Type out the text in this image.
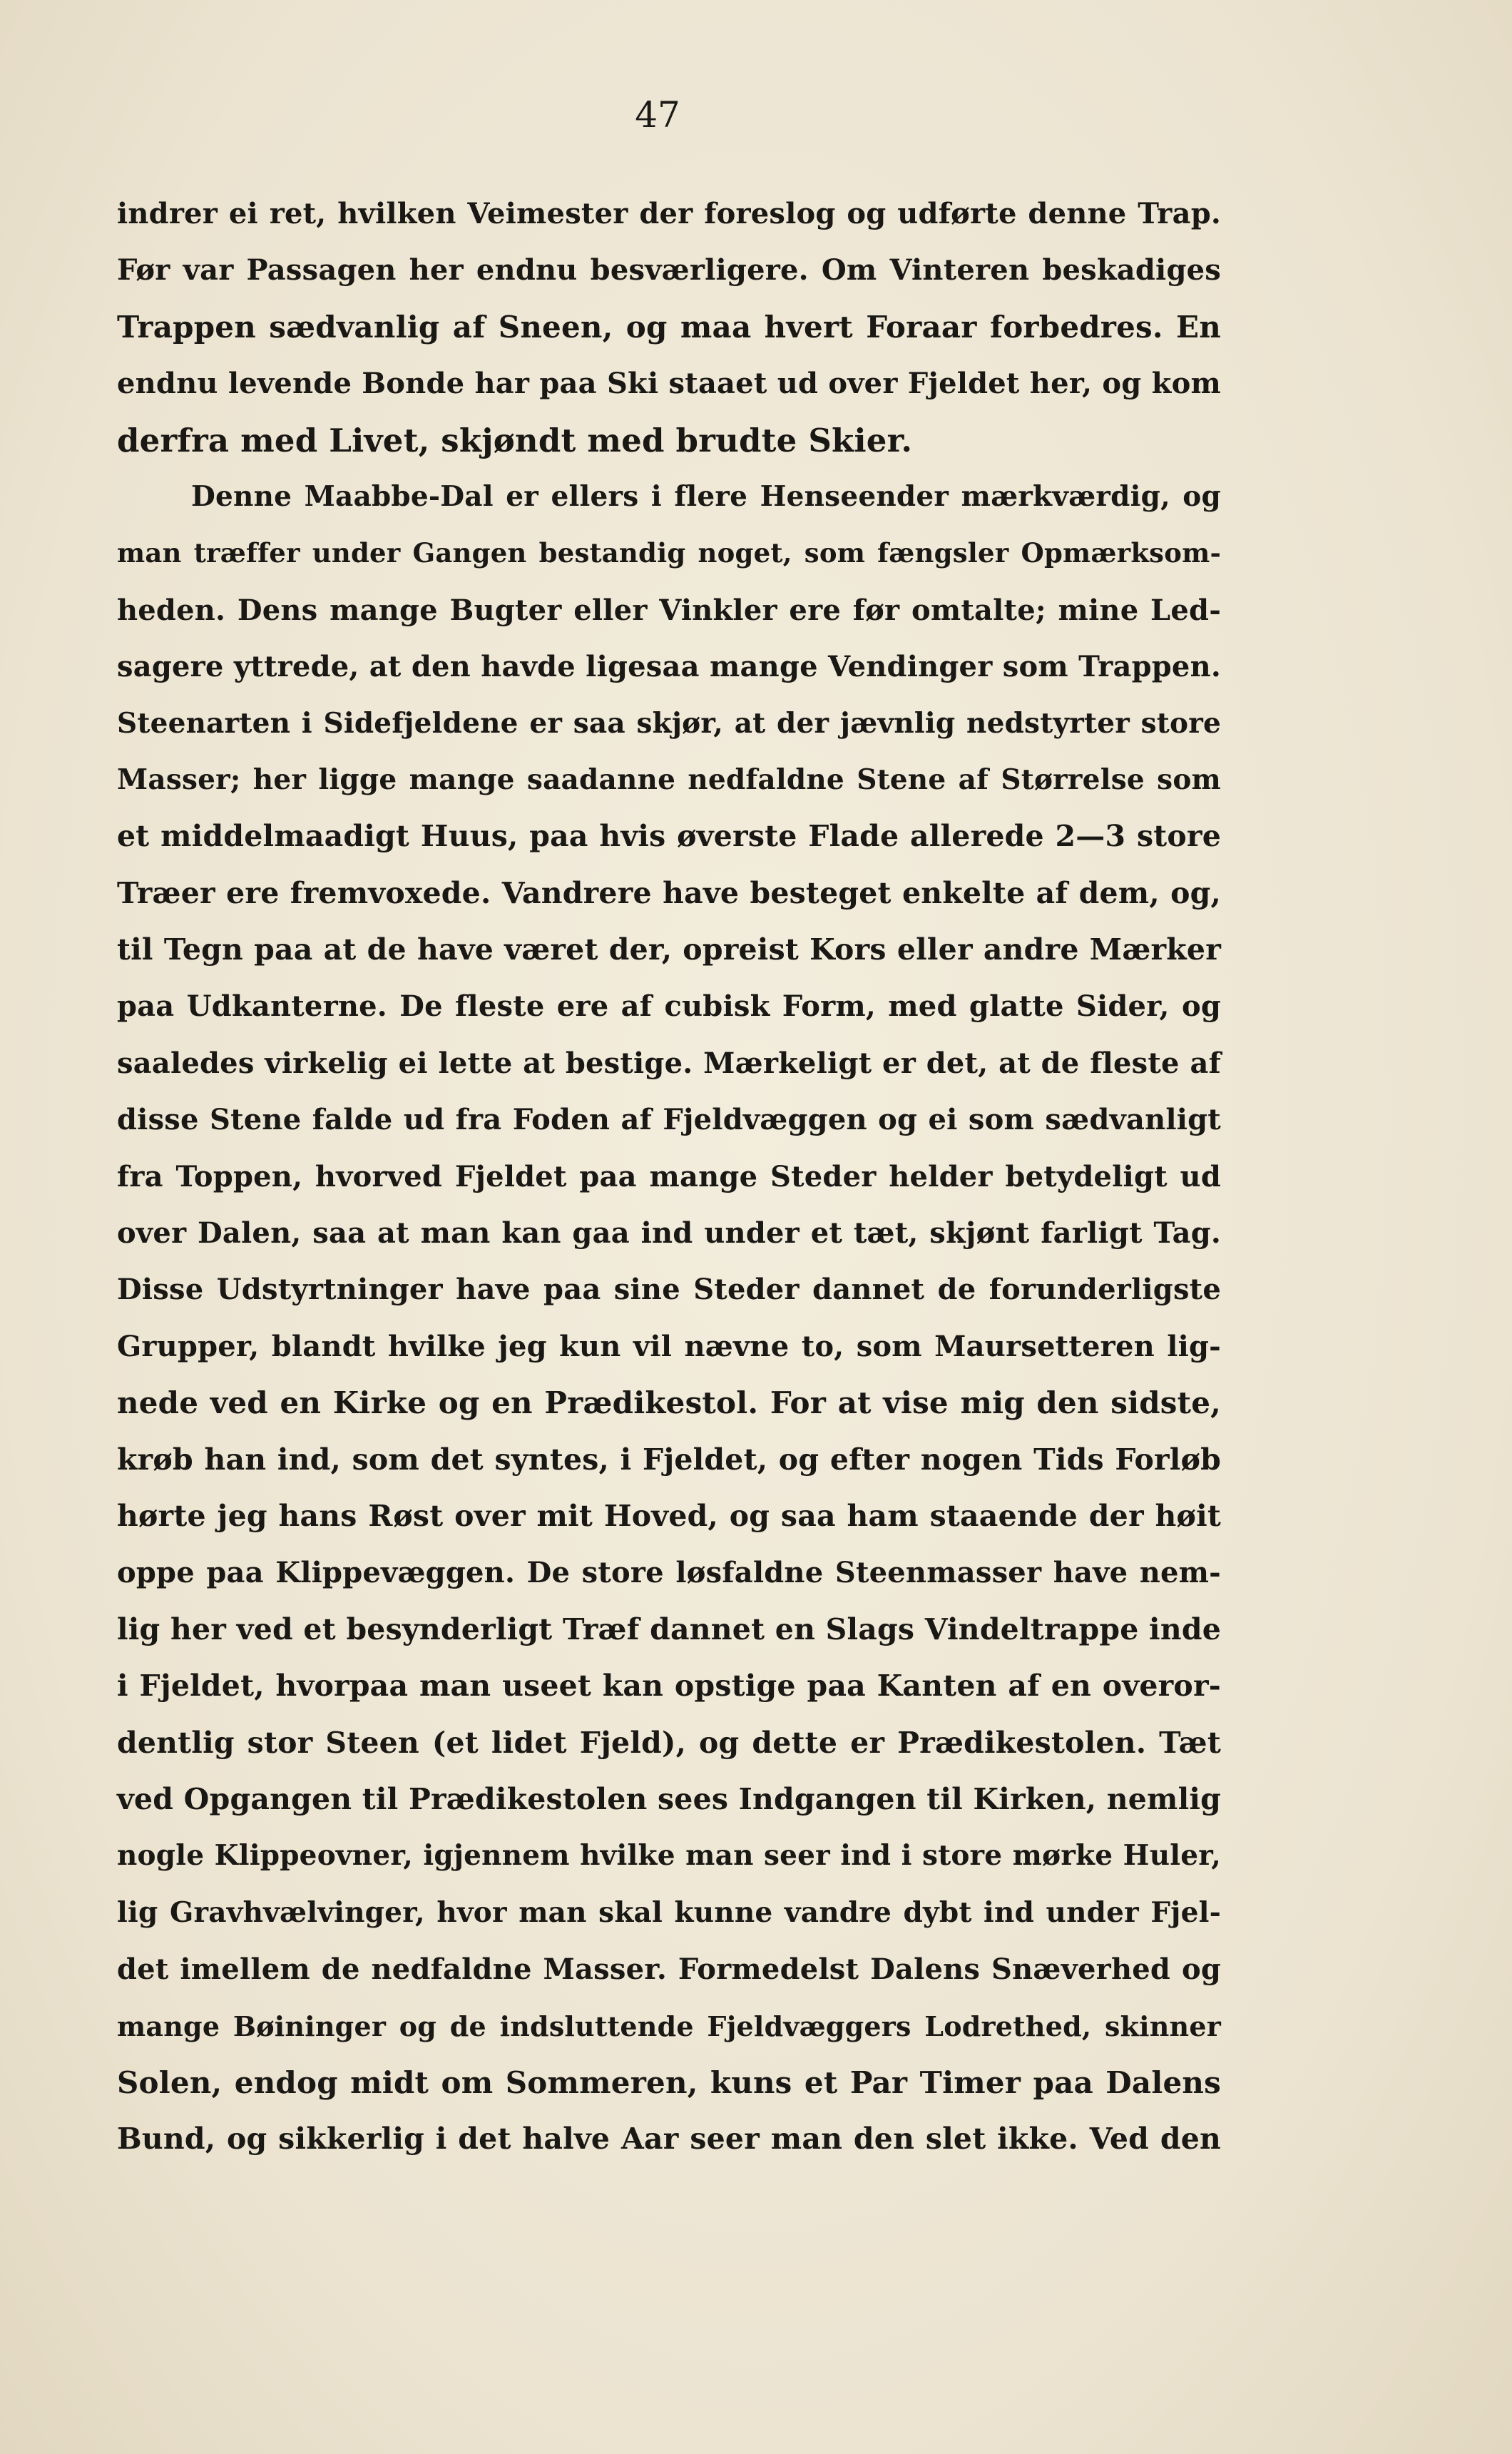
47
indrer ei ret, hvilken Veimester der foreslog og udførte denne Trap.
Før var Passagen her endnu besværligere. Om Vinteren beskadiges
Trappen sædvanlig af Sneen, og maa hvert Foraar forbedres. En
endnu levende Bonde har paa Ski staaet ud over Fjeldet her, og kom
derfra med Livet, skjøndt med brudte Skier.
Denne Maabbe-Dal er ellers i flere Henseender mærkværdig, og
man træffer under Gangen bestandig noget, som fængsler Opmærksom-
heden. Dens mange Bugter eller Vinkler ere før omtalte; mine Led-
sagere yttrede, at den havde ligesaa mange Vendinger som Trappen.
Steenarten i Sidefjeldene er saa skjør, at der jævnlig nedstyrter store
Masser; her ligge mange saadanne nedfaldne Stene af Størrelse som
et middelmaadigt Huus, paa hvis øverste Flade allerede 2—3 store
Træer ere fremvoxede. Vandrere have besteget enkelte af dem, og,
til Tegn paa at de have været der, opreist Kors eller andre Mærker
paa Udkanterne. De fleste ere af cubisk Form, med glatte Sider, og
saaledes virkelig ei lette at bestige. Mærkeligt er det, at de fleste af
disse Stene falde ud fra Foden af Fjeldvæggen og ei som sædvanligt
fra Toppen, hvorved Fjeldet paa mange Steder helder betydeligt ud
over Dalen, saa at man kan gaa ind under et tæt, skjønt farligt Tag.
Disse Udstyrtninger have paa sine Steder dannet de forunderligste
Grupper, blandt hvilke jeg kun vil nævne to, som Maursetteren lig-
nede ved en Kirke og en Prædikestol. For at vise mig den sidste,
krøb han ind, som det syntes, i Fjeldet, og efter nogen Tids Forløb
hørte jeg hans Røst over mit Hoved, og saa ham staaende der høit
oppe paa Klippevæggen. De store løsfaldne Steenmasser have nem-
lig her ved et besynderligt Træf dannet en Slags Vindeltrappe inde
i Fjeldet, hvorpaa man useet kan opstige paa Kanten af en overor-
dentlig stor Steen (et lidet Fjeld), og dette er Prædikestolen. Tæt
ved Opgangen til Prædikestolen sees Indgangen til Kirken, nemlig
nogle Klippeovner, igjennem hvilke man seer ind i store mørke Huler,
lig Gravhvælvinger, hvor man skal kunne vandre dybt ind under Fjel-
det imellem de nedfaldne Masser. Formedelst Dalens Snæverhed og
mange Bøininger og de indsluttende Fjeldvæggers Lodrethed, skinner
Solen, endog midt om Sommeren, kuns et Par Timer paa Dalens
Bund, og sikkerlig i det halve Aar seer man den slet ikke. Ved den
